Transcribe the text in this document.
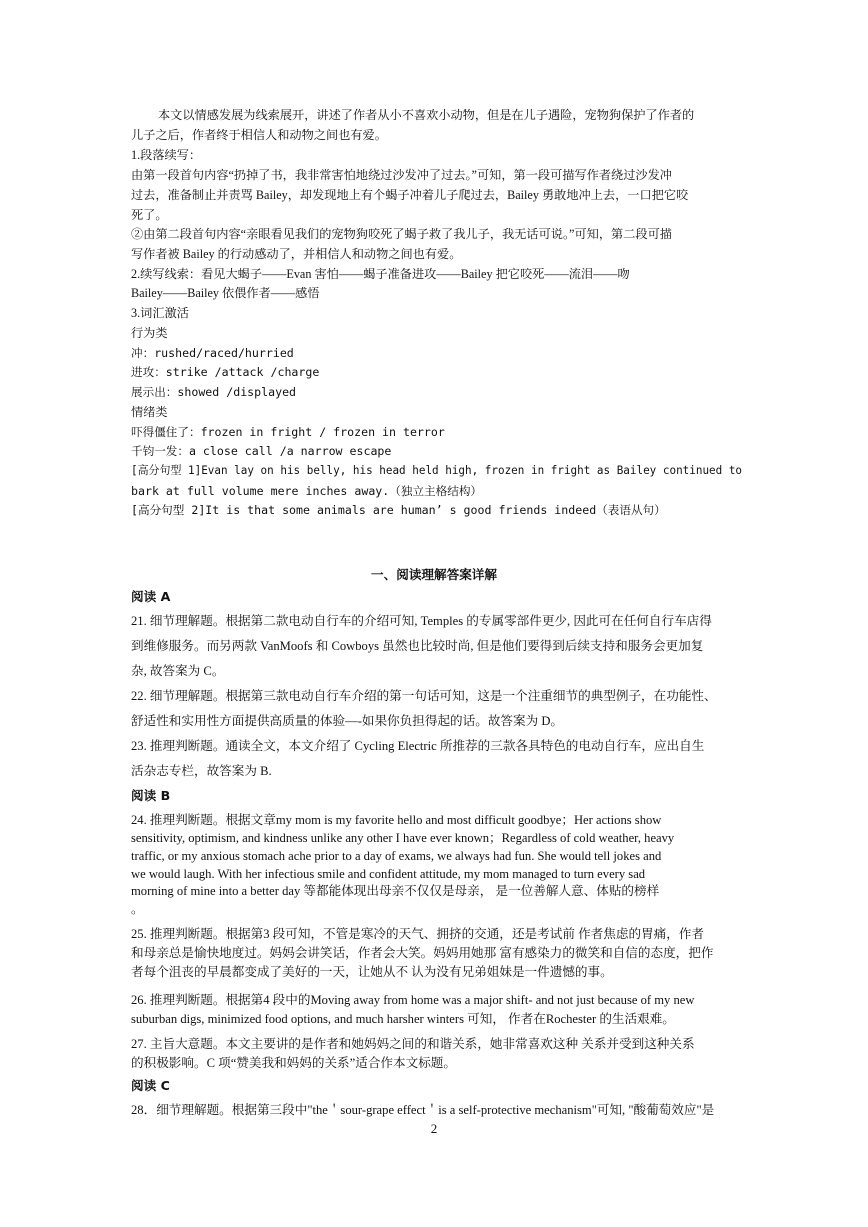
本文以情感发展为线索展开，讲述了作者从小不喜欢小动物，但是在儿子遇险，宠物狗保护了作者的
儿子之后，作者终于相信人和动物之间也有爱。
1.段落续写：
由第一段首句内容“扔掉了书，我非常害怕地绕过沙发冲了过去。”可知，第一段可描写作者绕过沙发冲
过去，准备制止并责骂 Bailey，却发现地上有个蝎子冲着儿子爬过去，Bailey 勇敢地冲上去，一口把它咬
死了。
②由第二段首句内容“亲眼看见我们的宠物狗咬死了蝎子救了我儿子，我无话可说。”可知，第二段可描
写作者被 Bailey 的行动感动了，并相信人和动物之间也有爱。
2.续写线索：看见大蝎子——Evan 害怕——蝎子准备进攻——Bailey 把它咬死——流泪——吻
Bailey——Bailey 依偎作者——感悟
3.词汇激活
行为类
冲：rushed/raced/hurried
进攻：strike /attack /charge
展示出：showed /displayed
情绪类
吓得僵住了：frozen in fright / frozen in terror
千钧一发：a close call /a narrow escape
[高分句型 1]Evan lay on his belly, his head held high, frozen in fright as Bailey continued to
bark at full volume mere inches away.（独立主格结构）
[高分句型 2]It is that some animals are human’ s good friends indeed（表语从句）
一、阅读理解答案详解
阅读 A
21. 细节理解题。根据第二款电动自行车的介绍可知, Temples 的专属零部件更少, 因此可在任何自行车店得
到维修服务。而另两款 VanMoofs 和 Cowboys 虽然也比较时尚, 但是他们要得到后续支持和服务会更加复
杂, 故答案为 C。
22. 细节理解题。根据第三款电动自行车介绍的第一句话可知，这是一个注重细节的典型例子，在功能性、
舒适性和实用性方面提供高质量的体验—-如果你负担得起的话。故答案为 D。
23. 推理判断题。通读全文，本文介绍了 Cycling Electric 所推荐的三款各具特色的电动自行车，应出自生
活杂志专栏，故答案为 B.
阅读 B
24. 推理判断题。根据文章my mom is my favorite hello and most difficult goodbye；Her actions show
sensitivity, optimism, and kindness unlike any other I have ever known；Regardless of cold weather, heavy
traffic, or my anxious stomach ache prior to a day of exams, we always had fun. She would tell jokes and
we would laugh. With her infectious smile and confident attitude, my mom managed to turn every sad
morning of mine into a better day 等都能体现出母亲不仅仅是母亲， 是一位善解人意、体贴的榜样
。
25. 推理判断题。根据第3 段可知，不管是寒冷的天气、拥挤的交通，还是考试前 作者焦虑的胃痛，作者
和母亲总是愉快地度过。妈妈会讲笑话，作者会大笑。妈妈用她那 富有感染力的微笑和自信的态度，把作
者每个沮丧的早晨都变成了美好的一天，让她从不 认为没有兄弟姐妹是一件遗憾的事。
26. 推理判断题。根据第4 段中的Moving away from home was a major shift- and not just because of my new
suburban digs, minimized food options, and much harsher winters 可知， 作者在Rochester 的生活艰难。
27. 主旨大意题。本文主要讲的是作者和她妈妈之间的和谐关系，她非常喜欢这种 关系并受到这种关系
的积极影响。C 项“赞美我和妈妈的关系”适合作本文标题。
阅读 C
28．细节理解题。根据第三段中"the＇sour-grape effect＇is a self-protective mechanism"可知, "酸葡萄效应"是
2
